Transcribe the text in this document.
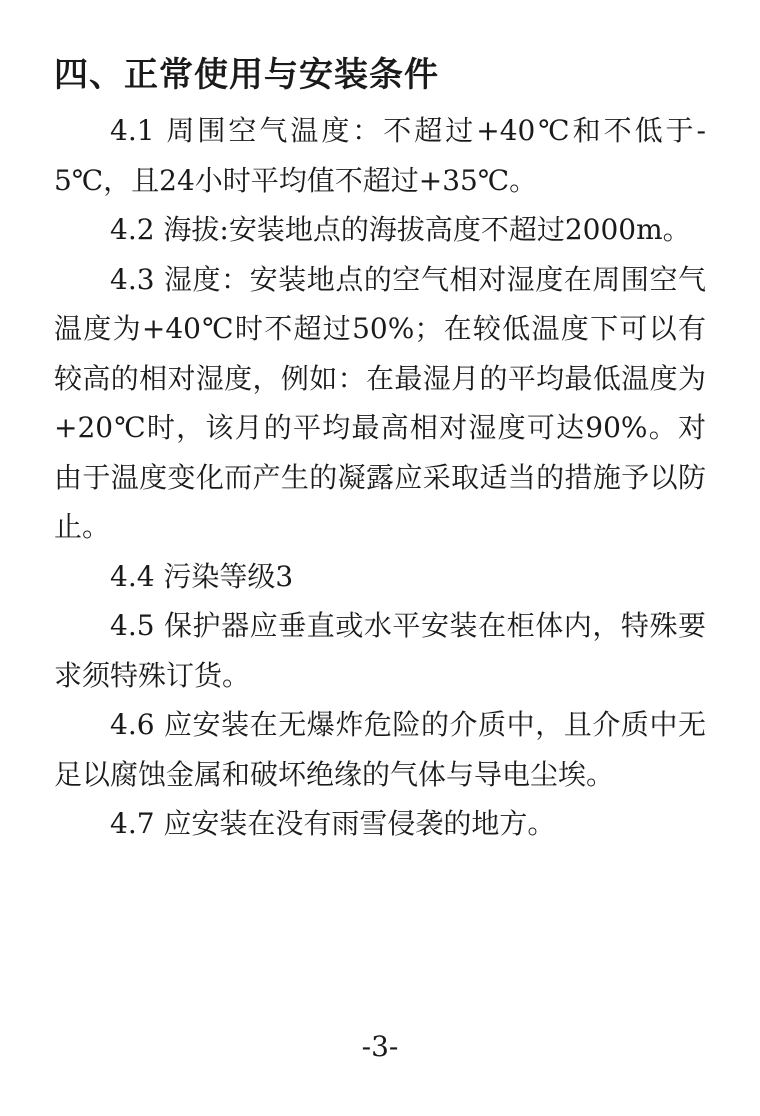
四、正常使用与安装条件

4.1 周围空气温度：不超过+40℃和不低于-5℃，且24小时平均值不超过+35℃。

4.2 海拔:安装地点的海拔高度不超过2000m。

4.3 湿度：安装地点的空气相对湿度在周围空气温度为+40℃时不超过50%；在较低温度下可以有较高的相对湿度，例如：在最湿月的平均最低温度为+20℃时，该月的平均最高相对湿度可达90%。对由于温度变化而产生的凝露应采取适当的措施予以防止。

4.4 污染等级3

4.5 保护器应垂直或水平安装在柜体内，特殊要求须特殊订货。

4.6 应安装在无爆炸危险的介质中，且介质中无足以腐蚀金属和破坏绝缘的气体与导电尘埃。

4.7 应安装在没有雨雪侵袭的地方。

-3-
